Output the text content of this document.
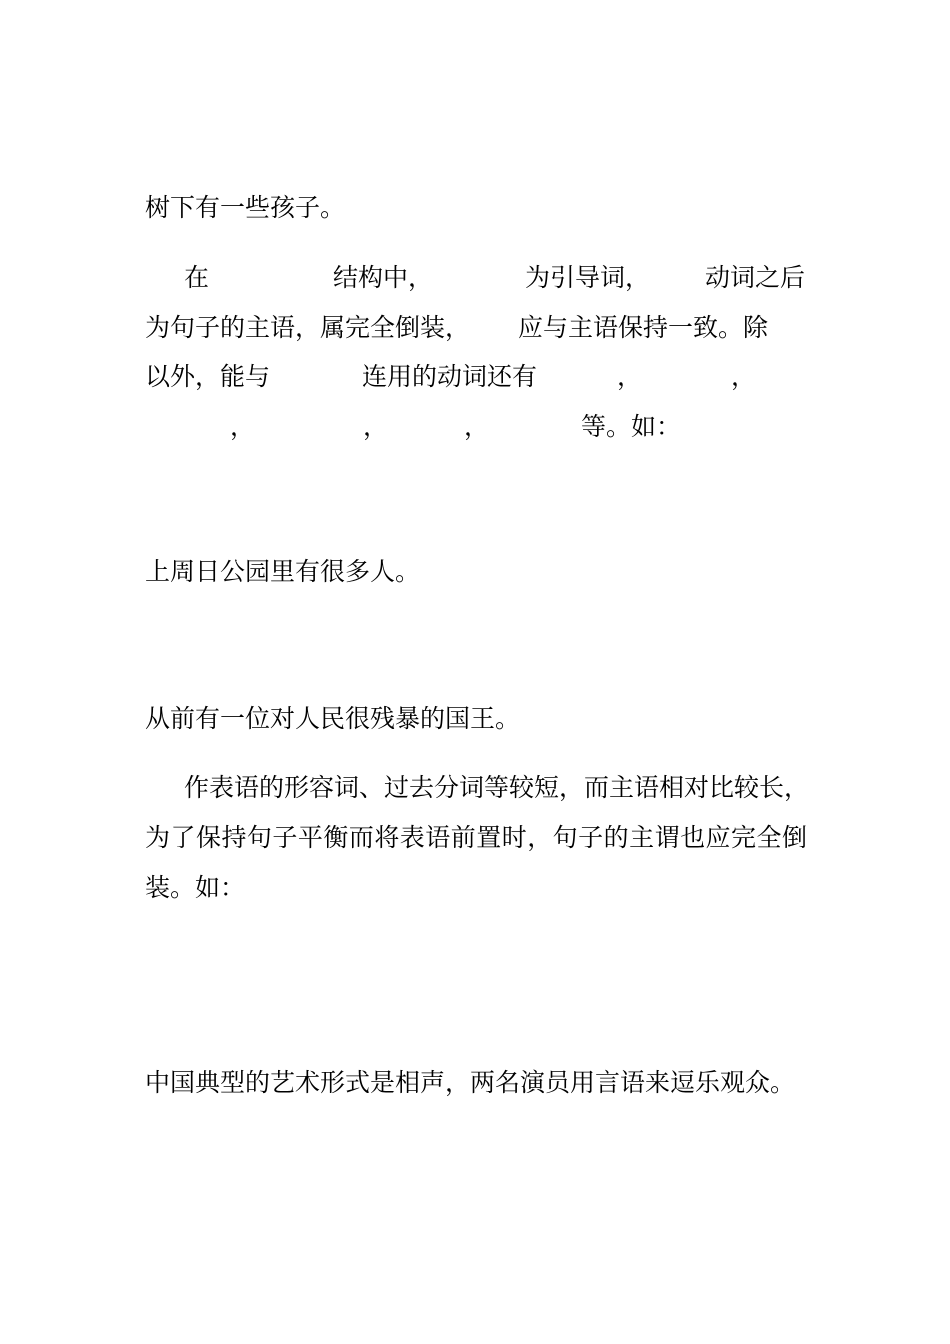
树下有一些孩子。

在

	结构中，

	为引导词，

动词之后

为句子的主语，属完全倒装，

应与主语保持一致。除

以外，能与

	连用的动词还有

	，

	，

，

	，

	，

	等。如：

上周日公园里有很多人。
从前有一位对人民很残暴的国王。
作表语的形容词、过去分词等较短，而主语相对比较长，
为了保持句子平衡而将表语前置时，句子的主谓也应完全倒
装。如：
中国典型的艺术形式是相声，两名演员用言语来逗乐观众。
